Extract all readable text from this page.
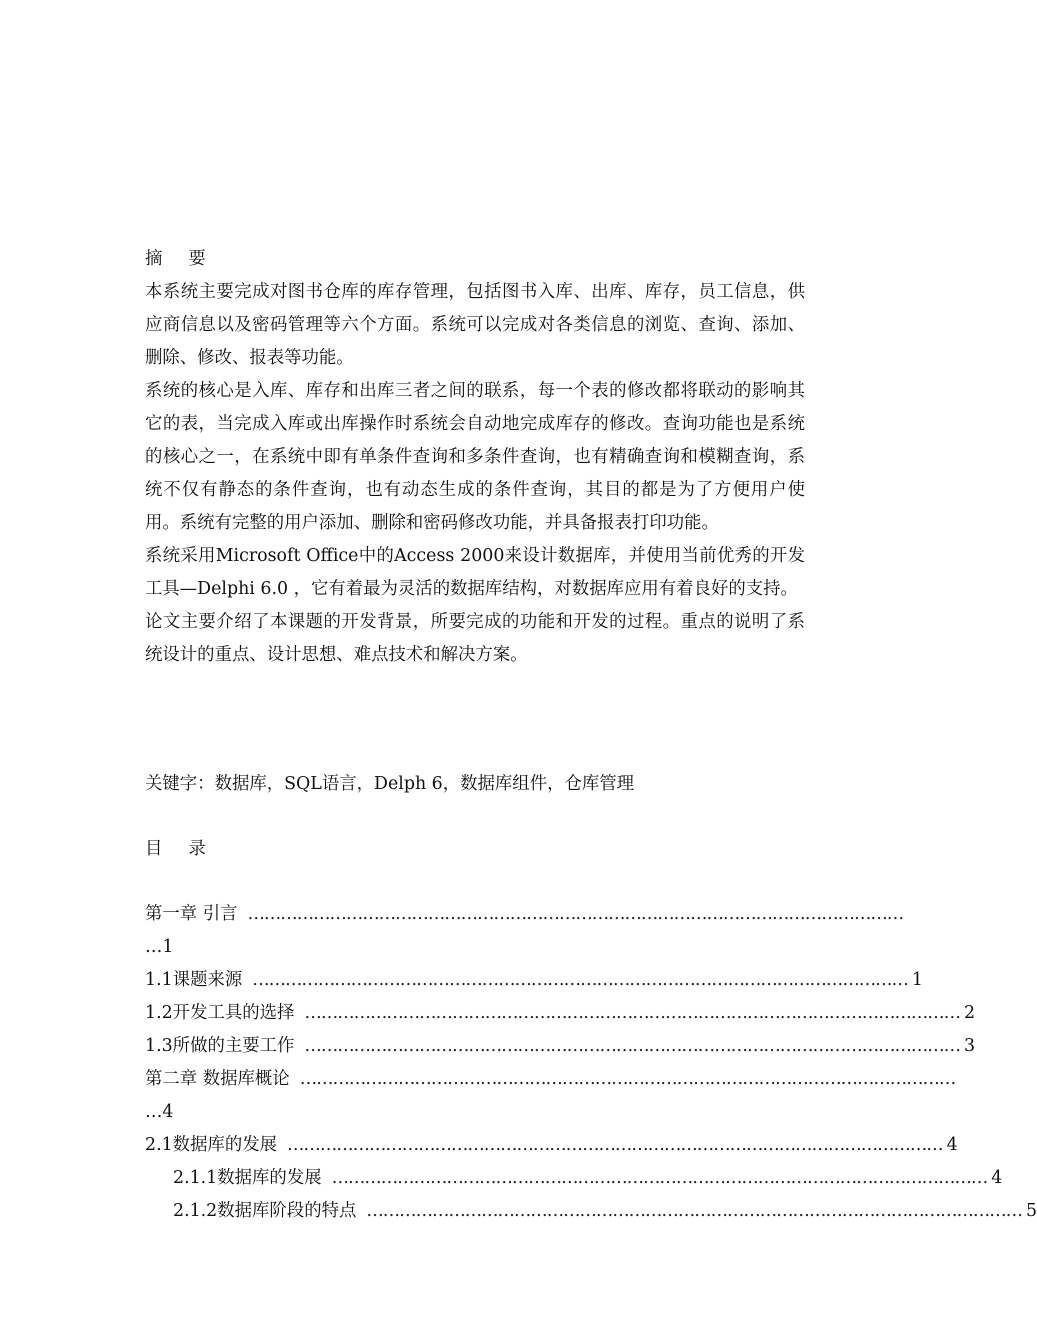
摘 要

本系统主要完成对图书仓库的库存管理，包括图书入库、出库、库存，员工信息，供应商信息以及密码管理等六个方面。系统可以完成对各类信息的浏览、查询、添加、删除、修改、报表等功能。

系统的核心是入库、库存和出库三者之间的联系，每一个表的修改都将联动的影响其它的表，当完成入库或出库操作时系统会自动地完成库存的修改。查询功能也是系统的核心之一，在系统中即有单条件查询和多条件查询，也有精确查询和模糊查询，系统不仅有静态的条件查询，也有动态生成的条件查询，其目的都是为了方便用户使用。系统有完整的用户添加、删除和密码修改功能，并具备报表打印功能。

系统采用Microsoft Office中的Access 2000来设计数据库，并使用当前优秀的开发工具—Delphi 6.0 ，它有着最为灵活的数据库结构，对数据库应用有着良好的支持。

论文主要介绍了本课题的开发背景，所要完成的功能和开发的过程。重点的说明了系统设计的重点、设计思想、难点技术和解决方案。

关键字：数据库，SQL语言，Delph 6，数据库组件，仓库管理
目 录
第一章
引言 …………………………………………………………………………………………………………
…1
1.1 课题来源 ………………………………………………………………………………………………………… 1
1.2 开发工具的选择 ………………………………………………………………………………………………………… 2
1.3 所做的主要工作 ………………………………………………………………………………………………………… 3
第二章
数据库概论 …………………………………………………………………………………………………………
…4
2.1 数据库的发展 ………………………………………………………………………………………………………… 4
2.1.1 数据库的发展 ………………………………………………………………………………………………………… 4
2.1.2 数据库阶段的特点 ………………………………………………………………………………………………………… 5
